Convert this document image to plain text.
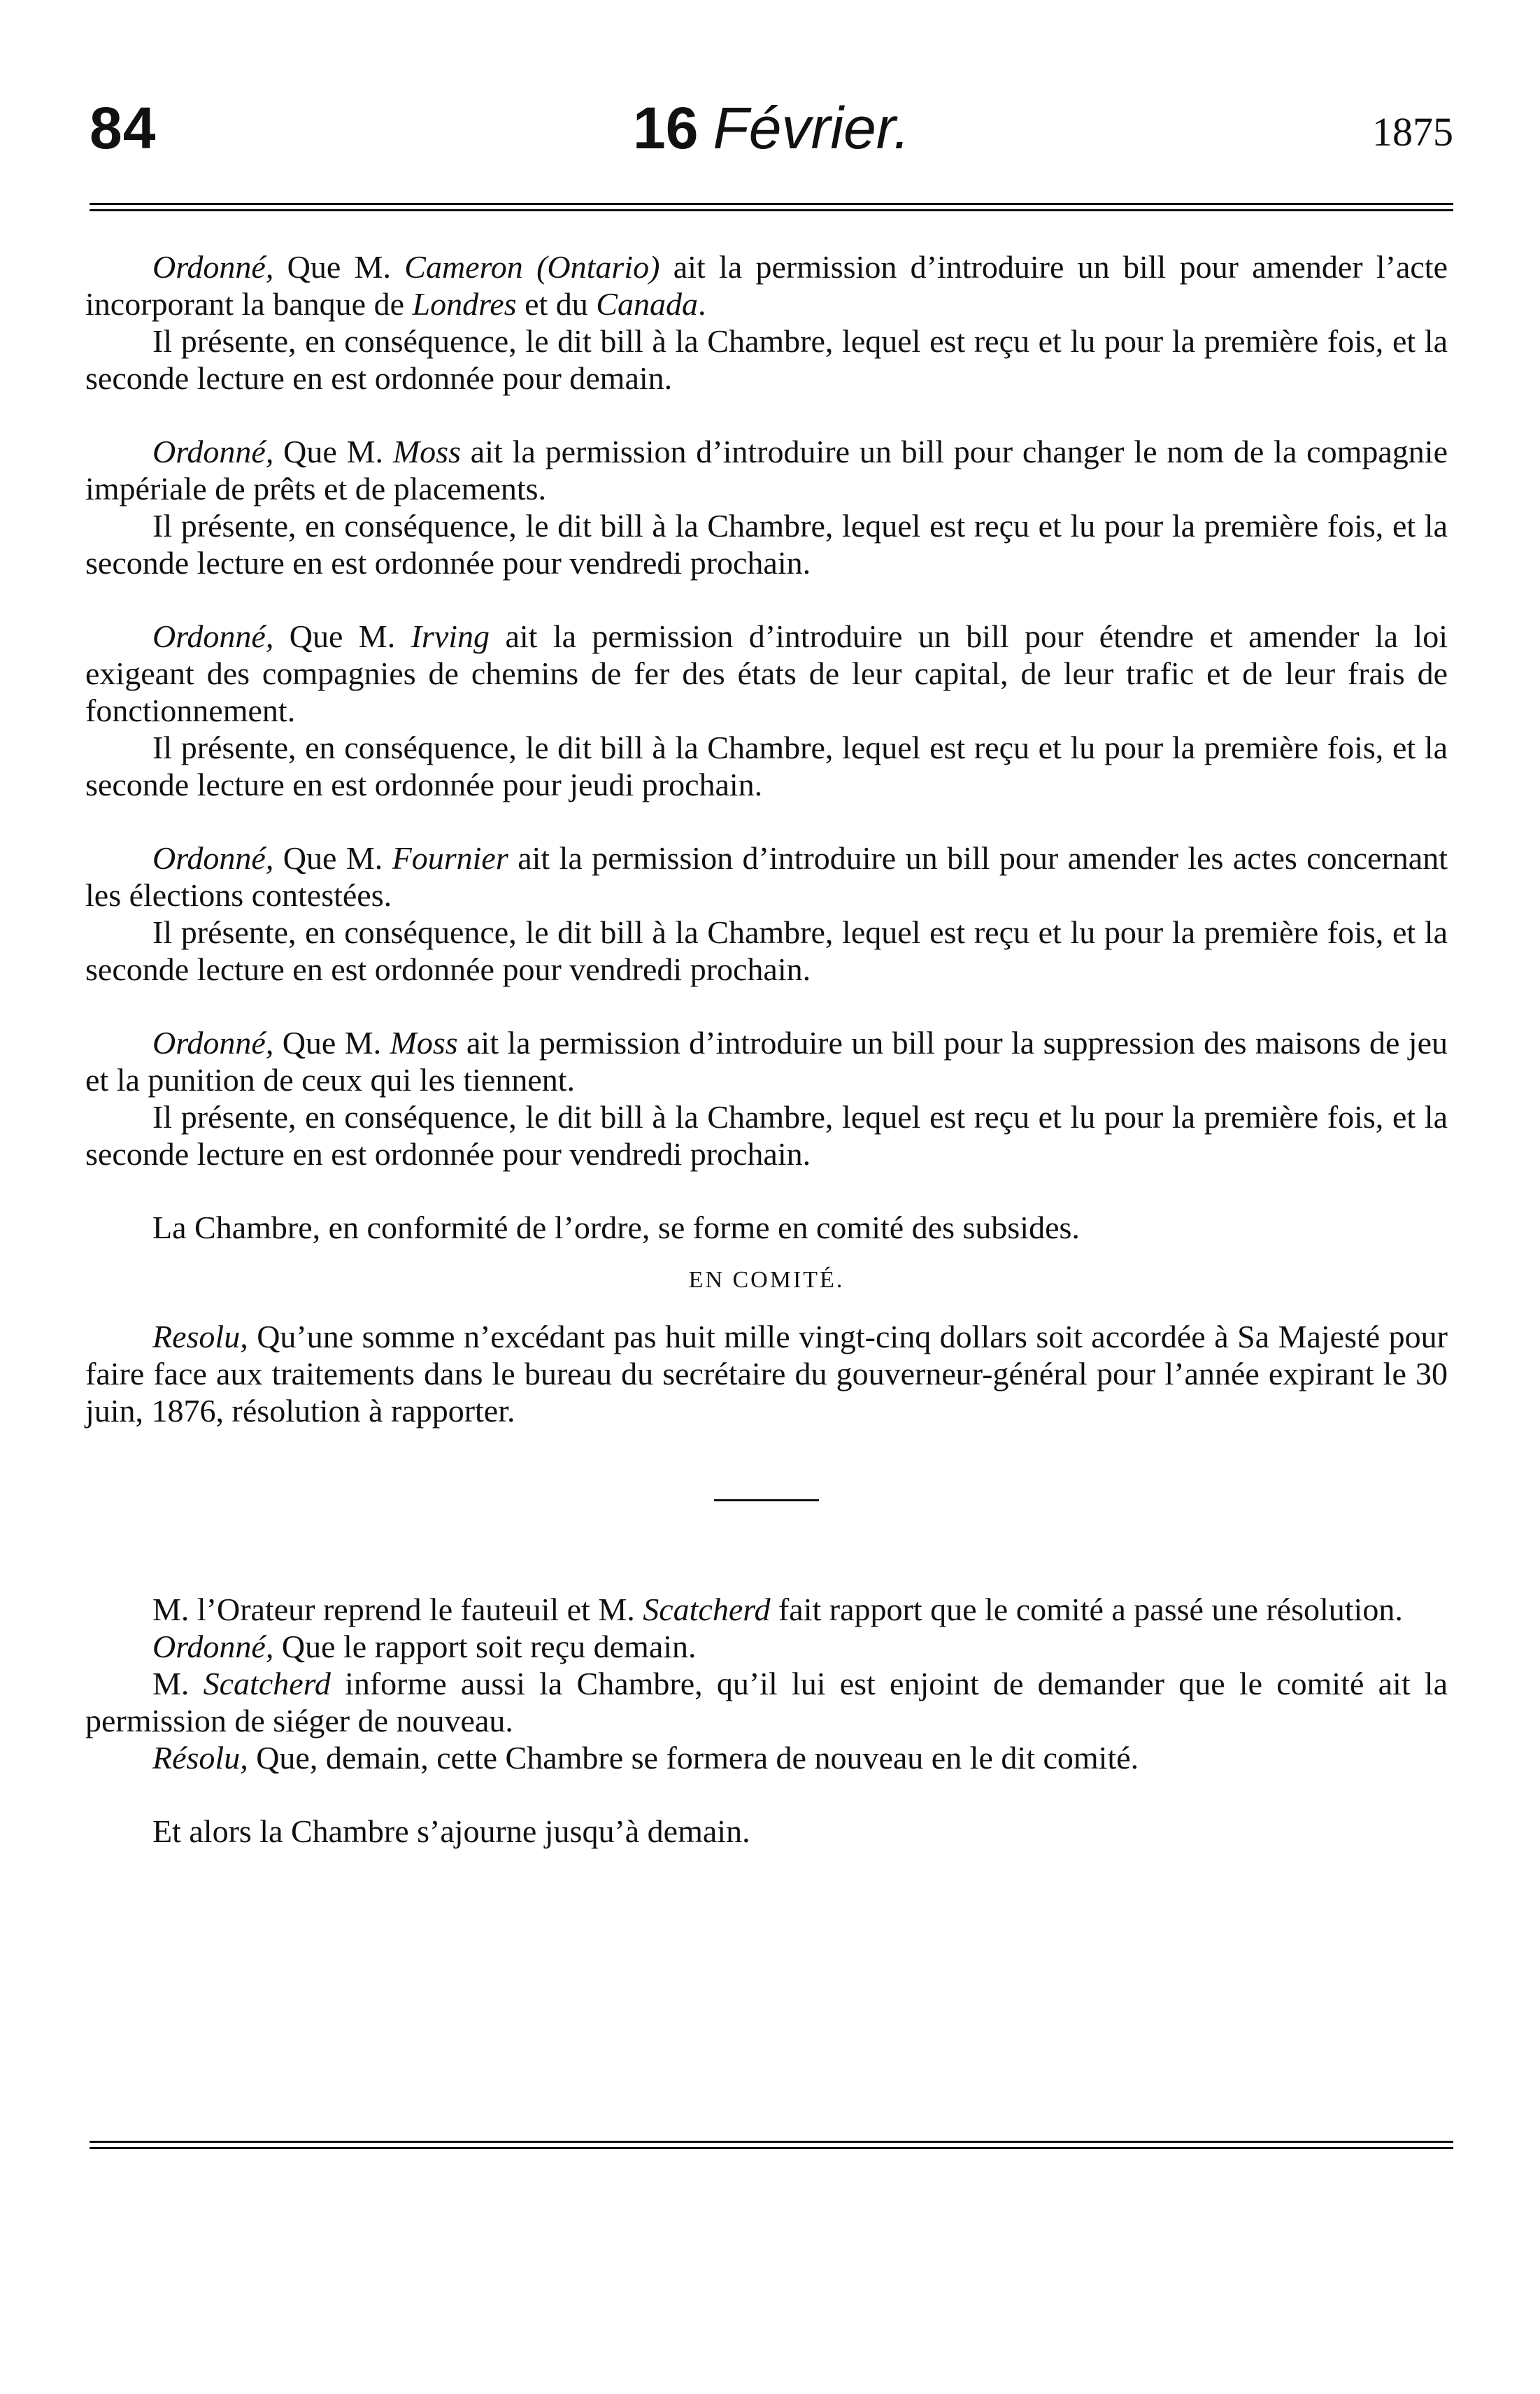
84	16 Février.	1875

Ordonné, Que M. Cameron (Ontario) ait la permission d’introduire un bill pour amender l’acte incorporant la banque de Londres et du Canada.

Il présente, en conséquence, le dit bill à la Chambre, lequel est reçu et lu pour la première fois, et la seconde lecture en est ordonnée pour demain.

Ordonné, Que M. Moss ait la permission d’introduire un bill pour changer le nom de la compagnie impériale de prêts et de placements.

Il présente, en conséquence, le dit bill à la Chambre, lequel est reçu et lu pour la première fois, et la seconde lecture en est ordonnée pour vendredi prochain.

Ordonné, Que M. Irving ait la permission d’introduire un bill pour étendre et amender la loi exigeant des compagnies de chemins de fer des états de leur capital, de leur trafic et de leur frais de fonctionnement.

Il présente, en conséquence, le dit bill à la Chambre, lequel est reçu et lu pour la première fois, et la seconde lecture en est ordonnée pour jeudi prochain.

Ordonné, Que M. Fournier ait la permission d’introduire un bill pour amender les actes concernant les élections contestées.

Il présente, en conséquence, le dit bill à la Chambre, lequel est reçu et lu pour la première fois, et la seconde lecture en est ordonnée pour vendredi prochain.

Ordonné, Que M. Moss ait la permission d’introduire un bill pour la suppression des maisons de jeu et la punition de ceux qui les tiennent.

Il présente, en conséquence, le dit bill à la Chambre, lequel est reçu et lu pour la première fois, et la seconde lecture en est ordonnée pour vendredi prochain.

La Chambre, en conformité de l’ordre, se forme en comité des subsides.

EN COMITÉ.

Resolu, Qu’une somme n’excédant pas huit mille vingt-cinq dollars soit accordée à Sa Majesté pour faire face aux traitements dans le bureau du secrétaire du gouverneur-général pour l’année expirant le 30 juin, 1876, résolution à rapporter.

M. l’Orateur reprend le fauteuil et M. Scatcherd fait rapport que le comité a passé une résolution.

Ordonné, Que le rapport soit reçu demain.

M. Scatcherd informe aussi la Chambre, qu’il lui est enjoint de demander que le comité ait la permission de siéger de nouveau.

Résolu, Que, demain, cette Chambre se formera de nouveau en le dit comité.

Et alors la Chambre s’ajourne jusqu’à demain.
